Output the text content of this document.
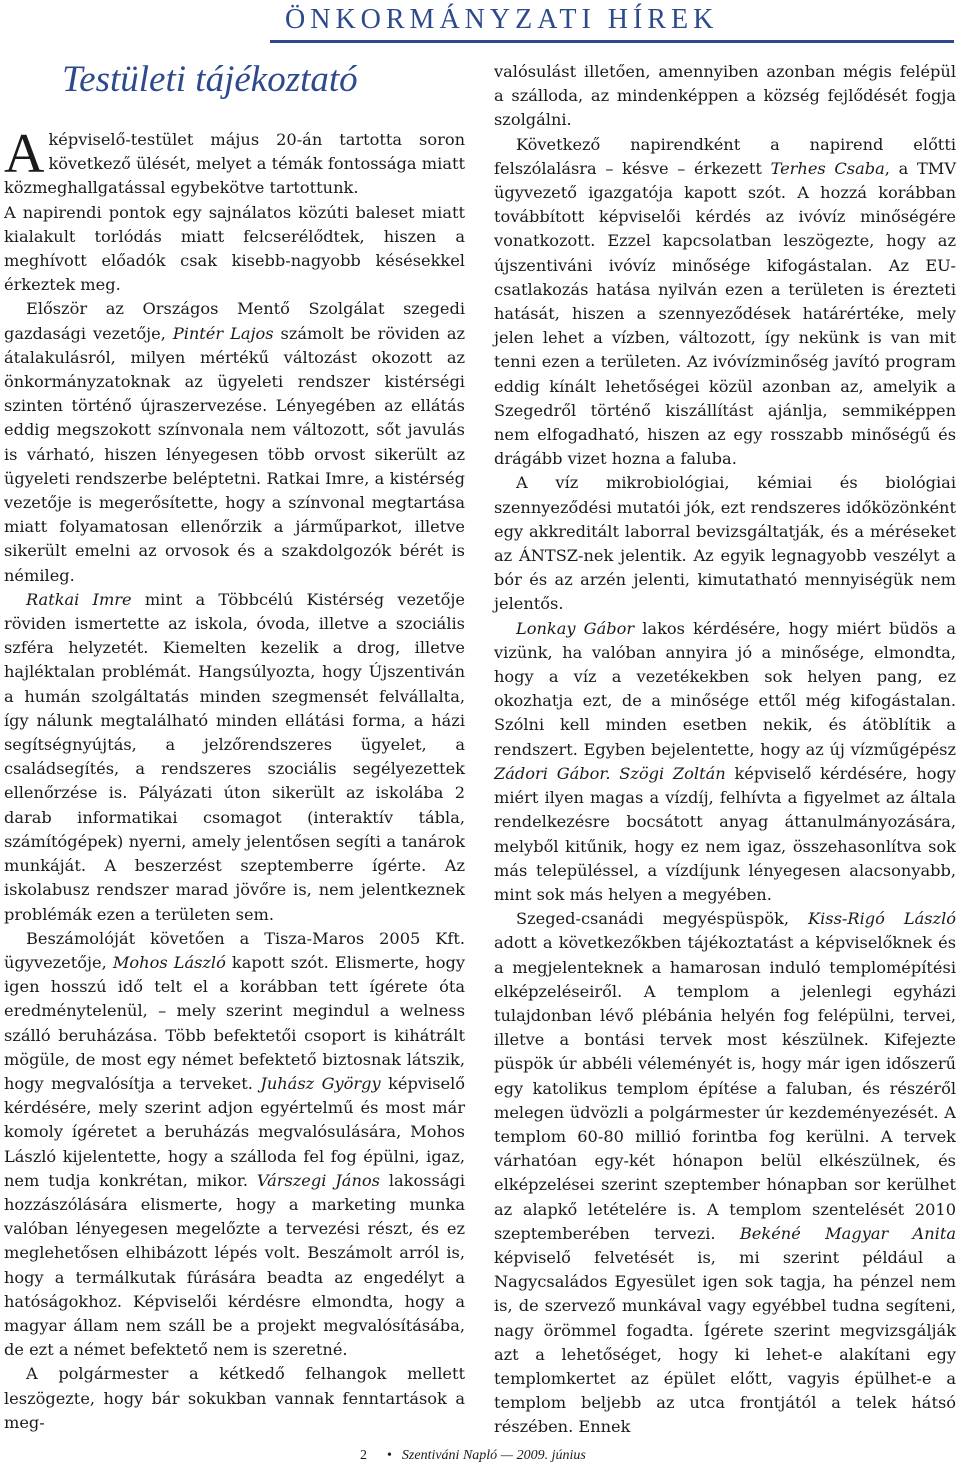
ÖNKORMÁNYZATI HÍREK
Testületi tájékoztató

A képviselő-testület május 20-án tartotta soron következő ülését, melyet a témák fontossága miatt közmeghallgatással egybekötve tartottunk.

A napirendi pontok egy sajnálatos közúti baleset miatt kialakult torlódás miatt felcserélődtek, hiszen a meghívott előadók csak kisebb-nagyobb késésekkel érkeztek meg.

Először az Országos Mentő Szolgálat szegedi gazdasági vezetője, Pintér Lajos számolt be röviden az átalakulásról, milyen mértékű változást okozott az önkormányzatoknak az ügyeleti rendszer kistérségi szinten történő újraszervezése. Lényegében az ellátás eddig megszokott színvonala nem változott, sőt javulás is várható, hiszen lényegesen több orvost sikerült az ügyeleti rendszerbe beléptetni. Ratkai Imre, a kistérség vezetője is megerősítette, hogy a színvonal megtartása miatt folyamatosan ellenőrzik a járműparkot, illetve sikerült emelni az orvosok és a szakdolgozók bérét is némileg.

Ratkai Imre mint a Többcélú Kistérség vezetője röviden ismertette az iskola, óvoda, illetve a szociális szféra helyzetét. Kiemelten kezelik a drog, illetve hajléktalan problémát. Hangsúlyozta, hogy Újszentiván a humán szolgáltatás minden szegmensét felvállalta, így nálunk megtalálható minden ellátási forma, a házi segítségnyújtás, a jelzőrendszeres ügyelet, a családsegítés, a rendszeres szociális segélyezettek ellenőrzése is. Pályázati úton sikerült az iskolába 2 darab informatikai csomagot (interaktív tábla, számítógépek) nyerni, amely jelentősen segíti a tanárok munkáját. A beszerzést szeptemberre ígérte. Az iskolabusz rendszer marad jövőre is, nem jelentkeznek problémák ezen a területen sem.

Beszámolóját követően a Tisza-Maros 2005 Kft. ügyvezetője, Mohos László kapott szót. Elismerte, hogy igen hosszú idő telt el a korábban tett ígérete óta eredménytelenül, – mely szerint megindul a welness szálló beruházása. Több befektetői csoport is kihátrált mögüle, de most egy német befektető biztosnak látszik, hogy megvalósítja a terveket. Juhász György képviselő kérdésére, mely szerint adjon egyértelmű és most már komoly ígéretet a beruházás megvalósulására, Mohos László kijelentette, hogy a szálloda fel fog épülni, igaz, nem tudja konkrétan, mikor. Várszegi János lakossági hozzászólására elismerte, hogy a marketing munka valóban lényegesen megelőzte a tervezési részt, és ez meglehetősen elhibázott lépés volt. Beszámolt arról is, hogy a termálkutak fúrására beadta az engedélyt a hatóságokhoz. Képviselői kérdésre elmondta, hogy a magyar állam nem száll be a projekt megvalósításába, de ezt a német befektető nem is szeretné.

A polgármester a kétkedő felhangok mellett leszögezte, hogy bár sokukban vannak fenntartások a meg-

valósulást illetően, amennyiben azonban mégis felépül a szálloda, az mindenképpen a község fejlődését fogja szolgálni.

Következő napirendként a napirend előtti felszólalásra – késve – érkezett Terhes Csaba, a TMV ügyvezető igazgatója kapott szót. A hozzá korábban továbbított képviselői kérdés az ivóvíz minőségére vonatkozott. Ezzel kapcsolatban leszögezte, hogy az újszentiváni ivóvíz minősége kifogástalan. Az EU-csatlakozás hatása nyilván ezen a területen is érezteti hatását, hiszen a szennyeződések határértéke, mely jelen lehet a vízben, változott, így nekünk is van mit tenni ezen a területen. Az ivóvízminőség javító program eddig kínált lehetőségei közül azonban az, amelyik a Szegedről történő kiszállítást ajánlja, semmiképpen nem elfogadható, hiszen az egy rosszabb minőségű és drágább vizet hozna a faluba.

A víz mikrobiológiai, kémiai és biológiai szennyeződési mutatói jók, ezt rendszeres időközönként egy akkreditált laborral bevizsgáltatják, és a méréseket az ÁNTSZ-nek jelentik. Az egyik legnagyobb veszélyt a bór és az arzén jelenti, kimutatható mennyiségük nem jelentős.

Lonkay Gábor lakos kérdésére, hogy miért büdös a vizünk, ha valóban annyira jó a minősége, elmondta, hogy a víz a vezetékekben sok helyen pang, ez okozhatja ezt, de a minősége ettől még kifogástalan. Szólni kell minden esetben nekik, és átöblítik a rendszert. Egyben bejelentette, hogy az új vízműgépész Zádori Gábor. Szögi Zoltán képviselő kérdésére, hogy miért ilyen magas a vízdíj, felhívta a figyelmet az általa rendelkezésre bocsátott anyag áttanulmányozására, melyből kitűnik, hogy ez nem igaz, összehasonlítva sok más településsel, a vízdíjunk lényegesen alacsonyabb, mint sok más helyen a megyében.

Szeged-csanádi megyéspüspök, Kiss-Rigó László adott a következőkben tájékoztatást a képviselőknek és a megjelenteknek a hamarosan induló templomépítési elképzeléseiről. A templom a jelenlegi egyházi tulajdonban lévő plébánia helyén fog felépülni, tervei, illetve a bontási tervek most készülnek. Kifejezte püspök úr abbéli véleményét is, hogy már igen időszerű egy katolikus templom építése a faluban, és részéről melegen üdvözli a polgármester úr kezdeményezését. A templom 60-80 millió forintba fog kerülni. A tervek várhatóan egy-két hónapon belül elkészülnek, és elképzelései szerint szeptember hónapban sor kerülhet az alapkő letételére is. A templom szentelését 2010 szeptemberében tervezi. Bekéné Magyar Anita képviselő felvetését is, mi szerint például a Nagycsaládos Egyesület igen sok tagja, ha pénzel nem is, de szervező munkával vagy egyébbel tudna segíteni, nagy örömmel fogadta. Ígérete szerint megvizsgálják azt a lehetőséget, hogy ki lehet-e alakítani egy templomkertet az épület előtt, vagyis épülhet-e a templom beljebb az utca frontjától a telek hátsó részében. Ennek

2 • Szentiváni Napló — 2009. június
